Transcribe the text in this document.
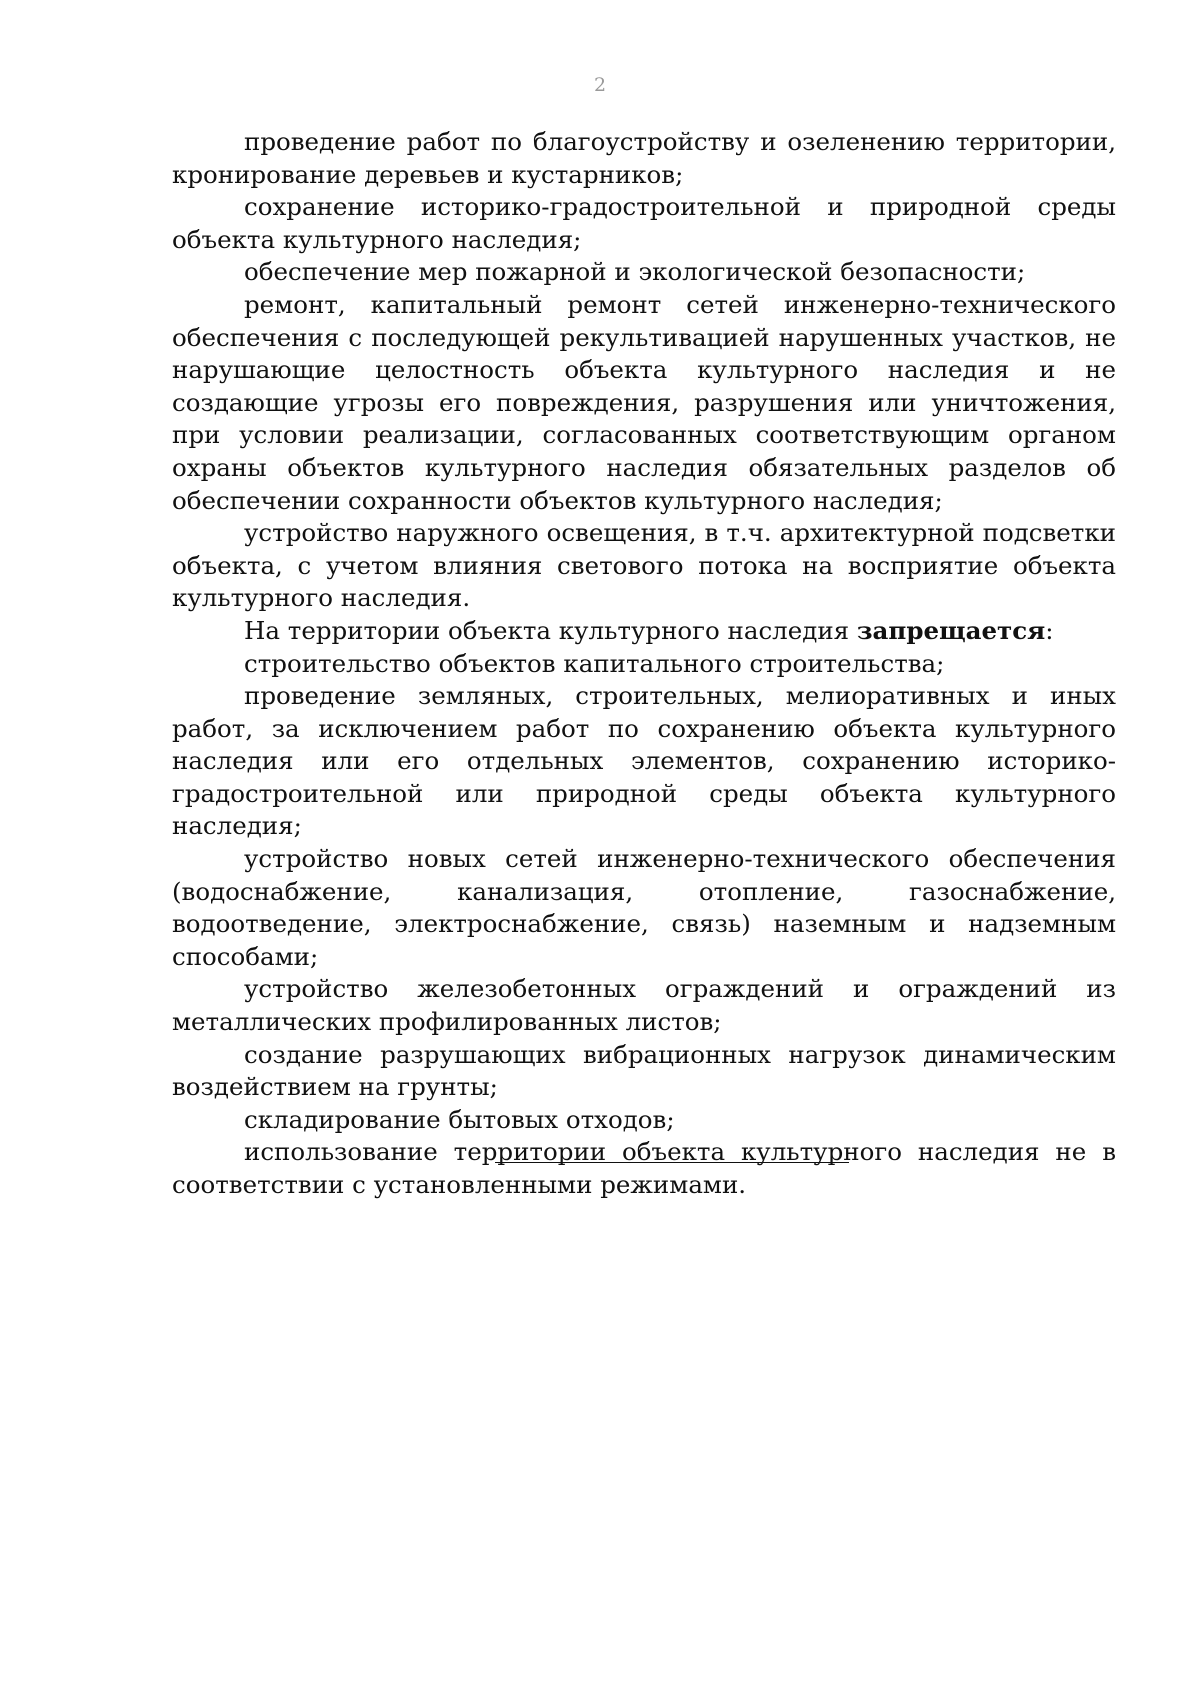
2

проведение работ по благоустройству и озеленению территории, кронирование деревьев и кустарников;

сохранение историко-градостроительной и природной среды объекта культурного наследия;

обеспечение мер пожарной и экологической безопасности;

ремонт, капитальный ремонт сетей инженерно-технического обеспечения с последующей рекультивацией нарушенных участков, не нарушающие целостность объекта культурного наследия и не создающие угрозы его повреждения, разрушения или уничтожения, при условии реализации, согласованных соответствующим органом охраны объектов культурного наследия обязательных разделов об обеспечении сохранности объектов культурного наследия;

устройство наружного освещения, в т.ч. архитектурной подсветки объекта, с учетом влияния светового потока на восприятие объекта культурного наследия.

На территории объекта культурного наследия запрещается:

строительство объектов капитального строительства;

проведение земляных, строительных, мелиоративных и иных работ, за исключением работ по сохранению объекта культурного наследия или его отдельных элементов, сохранению историко-градостроительной или природной среды объекта культурного наследия;

устройство новых сетей инженерно-технического обеспечения (водоснабжение, канализация, отопление, газоснабжение, водоотведение, электроснабжение, связь) наземным и надземным способами;

устройство железобетонных ограждений и ограждений из металлических профилированных листов;

создание разрушающих вибрационных нагрузок динамическим воздействием на грунты;

складирование бытовых отходов;

использование территории объекта культурного наследия не в соответствии с установленными режимами.
